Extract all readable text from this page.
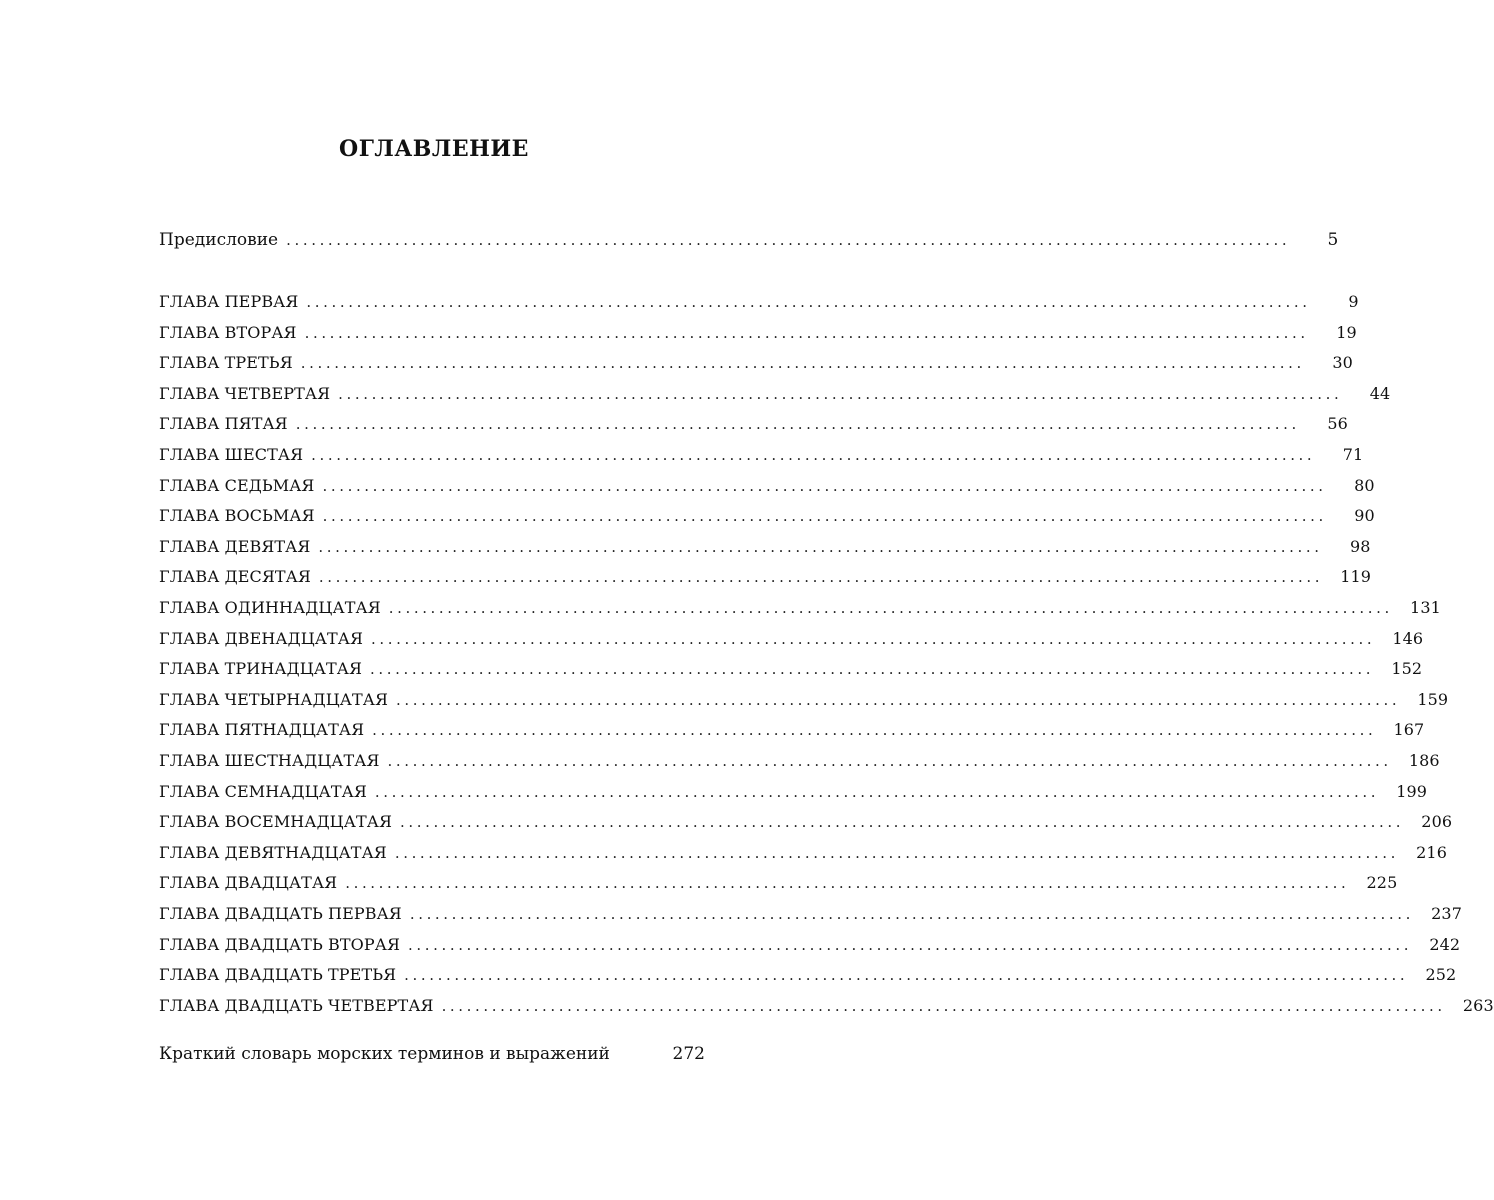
ОГЛАВЛЕНИЕ
Предисловие ........................................................................................................................	5
ГЛАВА ПЕРВАЯ ........................................................................................................................	9
ГЛАВА ВТОРАЯ ........................................................................................................................	19
ГЛАВА ТРЕТЬЯ ........................................................................................................................	30
ГЛАВА ЧЕТВЕРТАЯ ........................................................................................................................	44
ГЛАВА ПЯТАЯ ........................................................................................................................	56
ГЛАВА ШЕСТАЯ ........................................................................................................................	71
ГЛАВА СЕДЬМАЯ ........................................................................................................................	80
ГЛАВА ВОСЬМАЯ ........................................................................................................................	90
ГЛАВА ДЕВЯТАЯ ........................................................................................................................	98
ГЛАВА ДЕСЯТАЯ ........................................................................................................................	119
ГЛАВА ОДИННАДЦАТАЯ ........................................................................................................................	131
ГЛАВА ДВЕНАДЦАТАЯ ........................................................................................................................	146
ГЛАВА ТРИНАДЦАТАЯ ........................................................................................................................	152
ГЛАВА ЧЕТЫРНАДЦАТАЯ ........................................................................................................................	159
ГЛАВА ПЯТНАДЦАТАЯ ........................................................................................................................	167
ГЛАВА ШЕСТНАДЦАТАЯ ........................................................................................................................	186
ГЛАВА СЕМНАДЦАТАЯ ........................................................................................................................	199
ГЛАВА ВОСЕМНАДЦАТАЯ ........................................................................................................................	206
ГЛАВА ДЕВЯТНАДЦАТАЯ ........................................................................................................................	216
ГЛАВА ДВАДЦАТАЯ ........................................................................................................................	225
ГЛАВА ДВАДЦАТЬ ПЕРВАЯ ........................................................................................................................	237
ГЛАВА ДВАДЦАТЬ ВТОРАЯ ........................................................................................................................	242
ГЛАВА ДВАДЦАТЬ ТРЕТЬЯ ........................................................................................................................	252
ГЛАВА ДВАДЦАТЬ ЧЕТВЕРТАЯ ........................................................................................................................	263
Краткий словарь морских терминов и выражений	272
